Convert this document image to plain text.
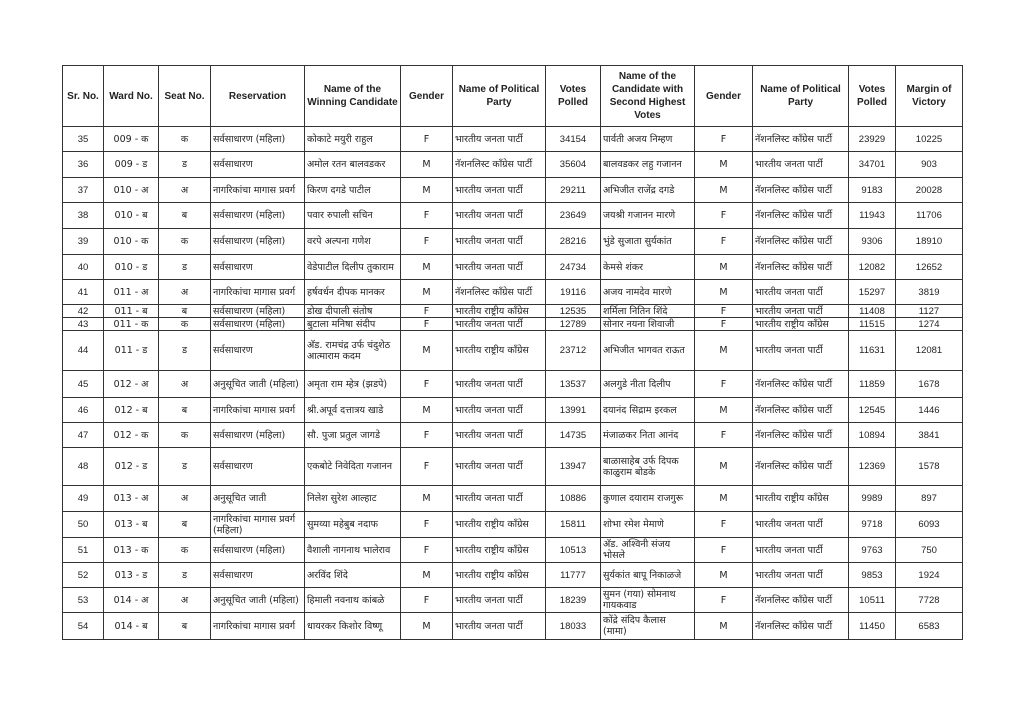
Sr. No.	Ward No.	Seat No.	Reservation	Name of the Winning Candidate	Gender	Name of Political Party	Votes Polled	Name of the Candidate with Second Highest Votes	Gender	Name of Political Party	Votes Polled	Margin of Victory
35	009 - क	क	सर्वसाधारण (महिला)	कोकाटे मयुरी राहुल	F	भारतीय जनता पार्टी	34154	पार्वती अजय निम्हण	F	नॅशनलिस्ट कॉंग्रेस पार्टी	23929	10225
36	009 - ड	ड	सर्वसाधारण	अमोल रतन बालवडकर	M	नॅशनलिस्ट कॉंग्रेस पार्टी	35604	बालवडकर लहु गजानन	M	भारतीय जनता पार्टी	34701	903
37	010 - अ	अ	नागरिकांचा मागास प्रवर्ग	किरण दगडे पाटील	M	भारतीय जनता पार्टी	29211	अभिजीत राजेंद्र दगडे	M	नॅशनलिस्ट कॉंग्रेस पार्टी	9183	20028
38	010 - ब	ब	सर्वसाधारण (महिला)	पवार रुपाली सचिन	F	भारतीय जनता पार्टी	23649	जयश्री गजानन मारणे	F	नॅशनलिस्ट कॉंग्रेस पार्टी	11943	11706
39	010 - क	क	सर्वसाधारण (महिला)	वरपे अल्पना गणेश	F	भारतीय जनता पार्टी	28216	भुंडे सुजाता सुर्यकांत	F	नॅशनलिस्ट कॉंग्रेस पार्टी	9306	18910
40	010 - ड	ड	सर्वसाधारण	वेडेपाटील दिलीप तुकाराम	M	भारतीय जनता पार्टी	24734	केमसे शंकर	M	नॅशनलिस्ट कॉंग्रेस पार्टी	12082	12652
41	011 - अ	अ	नागरिकांचा मागास प्रवर्ग	हर्षवर्धन दीपक मानकर	M	नॅशनलिस्ट कॉंग्रेस पार्टी	19116	अजय नामदेव मारणे	M	भारतीय जनता पार्टी	15297	3819
42	011 - ब	ब	सर्वसाधारण (महिला)	डोख दीपाली संतोष	F	भारतीय राष्ट्रीय कॉंग्रेस	12535	शर्मिला नितिन शिंदे	F	भारतीय जनता पार्टी	11408	1127
43	011 - क	क	सर्वसाधारण (महिला)	बुटाला मनिषा संदीप	F	भारतीय जनता पार्टी	12789	सोनार नयना शिवाजी	F	भारतीय राष्ट्रीय कॉंग्रेस	11515	1274
44	011 - ड	ड	सर्वसाधारण	अ‍ॅड. रामचंद्र उर्फ चंदुशेठ आत्माराम कदम	M	भारतीय राष्ट्रीय कॉंग्रेस	23712	अभिजीत भागवत राऊत	M	भारतीय जनता पार्टी	11631	12081
45	012 - अ	अ	अनुसूचित जाती (महिला)	अमृता राम म्हेत्र (झडपे)	F	भारतीय जनता पार्टी	13537	अलगुडे नीता दिलीप	F	नॅशनलिस्ट कॉंग्रेस पार्टी	11859	1678
46	012 - ब	ब	नागरिकांचा मागास प्रवर्ग	श्री.अपूर्व दत्तात्रय खाडे	M	भारतीय जनता पार्टी	13991	दयानंद सिद्राम इरकल	M	नॅशनलिस्ट कॉंग्रेस पार्टी	12545	1446
47	012 - क	क	सर्वसाधारण (महिला)	सौ. पुजा प्रतुल जागडे	F	भारतीय जनता पार्टी	14735	मंजाळकर निता आनंद	F	नॅशनलिस्ट कॉंग्रेस पार्टी	10894	3841
48	012 - ड	ड	सर्वसाधारण	एकबोटे निवेदिता गजानन	F	भारतीय जनता पार्टी	13947	बाळासाहेब उर्फ दिपक काळुराम बोडके	M	नॅशनलिस्ट कॉंग्रेस पार्टी	12369	1578
49	013 - अ	अ	अनुसूचित जाती	निलेश सुरेश आल्हाट	M	भारतीय जनता पार्टी	10886	कुणाल दयाराम राजगुरू	M	भारतीय राष्ट्रीय कॉंग्रेस	9989	897
50	013 - ब	ब	नागरिकांचा मागास प्रवर्ग (महिला)	सुमय्या महेबुब नदाफ	F	भारतीय राष्ट्रीय कॉंग्रेस	15811	शोभा रमेश मेमाणे	F	भारतीय जनता पार्टी	9718	6093
51	013 - क	क	सर्वसाधारण (महिला)	वैशाली नागनाथ भालेराव	F	भारतीय राष्ट्रीय कॉंग्रेस	10513	अ‍ॅड. अश्विनी संजय भोसले	F	भारतीय जनता पार्टी	9763	750
52	013 - ड	ड	सर्वसाधारण	अरविंद शिंदे	M	भारतीय राष्ट्रीय कॉंग्रेस	11777	सुर्यकांत बापू निकाळजे	M	भारतीय जनता पार्टी	9853	1924
53	014 - अ	अ	अनुसूचित जाती (महिला)	हिमाली नवनाथ कांबळे	F	भारतीय जनता पार्टी	18239	सुमन (गया) सोमनाथ गायकवाड	F	नॅशनलिस्ट कॉंग्रेस पार्टी	10511	7728
54	014 - ब	ब	नागरिकांचा मागास प्रवर्ग	धायरकर किशोर विष्णू	M	भारतीय जनता पार्टी	18033	कोंद्रे संदिप कैलास (मामा)	M	नॅशनलिस्ट कॉंग्रेस पार्टी	11450	6583
